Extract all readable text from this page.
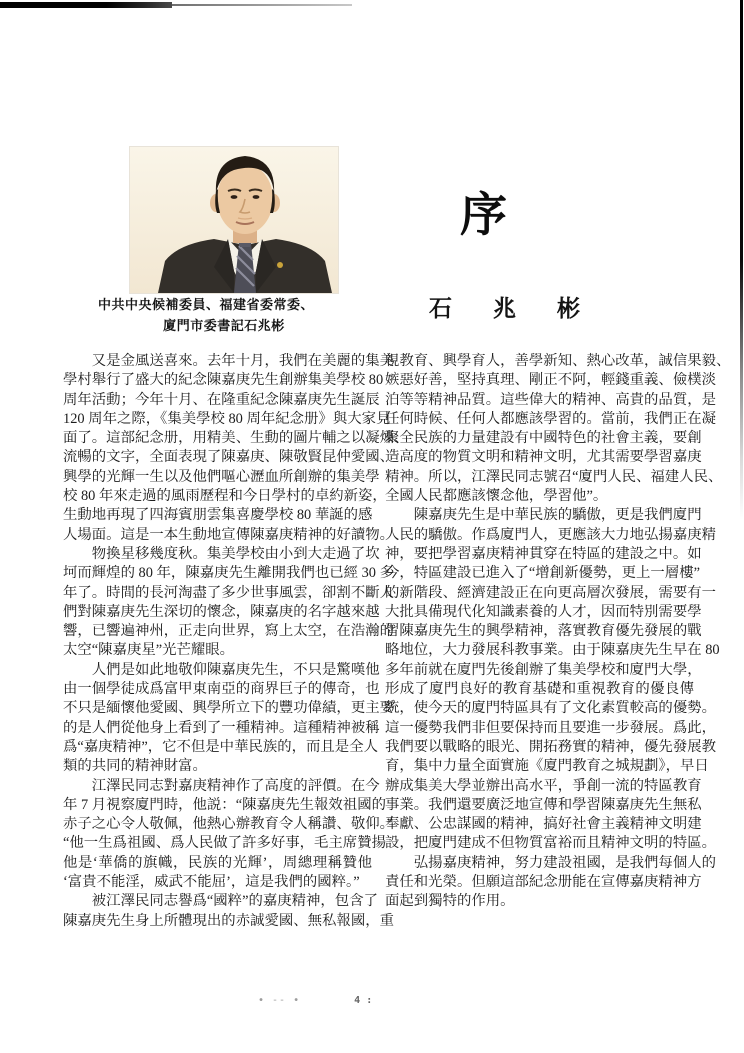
中共中央候補委員、福建省委常委、
廈門市委書記石兆彬
序
石　兆　彬
　　又是金風送喜來。去年十月，我們在美麗的集美
學村舉行了盛大的紀念陳嘉庚先生創辦集美學校 80
周年活動；今年十月、在隆重紀念陳嘉庚先生誕辰
120 周年之際，《集美學校 80 周年紀念册》與大家見
面了。這部紀念册，用精美、生動的圖片輔之以凝煉、
流暢的文字，全面表現了陳嘉庚、陳敬賢昆仲愛國、
興學的光輝一生以及他們嘔心瀝血所創辦的集美學
校 80 年來走過的風雨歷程和今日學村的卓約新姿，
生動地再現了四海賓朋雲集喜慶學校 80 華誕的感
人場面。這是一本生動地宣傳陳嘉庚精神的好讀物。
　　物換星移幾度秋。集美學校由小到大走過了坎
坷而輝煌的 80 年，陳嘉庚先生離開我們也已經 30 多
年了。時間的長河淘盡了多少世事風雲，卻割不斷人
們對陳嘉庚先生深切的懷念，陳嘉庚的名字越來越
響，已響遍神州，正走向世界，寫上太空，在浩瀚的
太空“陳嘉庚星”光芒耀眼。
　　人們是如此地敬仰陳嘉庚先生，不只是驚嘆他
由一個學徒成爲富甲東南亞的商界巨子的傳奇，也
不只是緬懷他愛國、興學所立下的豐功偉績，更主要
的是人們從他身上看到了一種精神。這種精神被稱
爲“嘉庚精神”，它不但是中華民族的，而且是全人
類的共同的精神財富。
　　江澤民同志對嘉庚精神作了高度的評價。在今
年 7 月視察廈門時，他説：“陳嘉庚先生報效祖國的
赤子之心令人敬佩，他熱心辦教育令人稱讚、敬仰。”
“他一生爲祖國、爲人民做了許多好事，毛主席贊揚
他是‘華僑的旗幟，民族的光輝’，周總理稱贊他
‘富貴不能淫，威武不能屈’，這是我們的國粹。”
　　被江澤民同志譽爲“國粹”的嘉庚精神，包含了
陳嘉庚先生身上所體現出的赤誠愛國、無私報國，重
視教育、興學育人，善學新知、熱心改革，誠信果毅、
嫉惡好善，堅持真理、剛正不阿，輕錢重義、儉樸淡
泊等等精神品質。這些偉大的精神、高貴的品質，是
任何時候、任何人都應該學習的。當前，我們正在凝
聚全民族的力量建設有中國特色的社會主義，要創
造高度的物質文明和精神文明，尤其需要學習嘉庚
精神。所以，江澤民同志號召“廈門人民、福建人民、
全國人民都應該懷念他，學習他”。
　　陳嘉庚先生是中華民族的驕傲，更是我們廈門
人民的驕傲。作爲廈門人，更應該大力地弘揚嘉庚精
神，要把學習嘉庚精神貫穿在特區的建設之中。如
今，特區建設已進入了“增創新優勢，更上一層樓”
的新階段、經濟建設正在向更高層次發展，需要有一
大批具備現代化知識素養的人才，因而特別需要學
習陳嘉庚先生的興學精神，落實教育優先發展的戰
略地位，大力發展科教事業。由于陳嘉庚先生早在 80
多年前就在廈門先後創辦了集美學校和廈門大學，
形成了廈門良好的教育基礎和重視教育的優良傳
統，使今天的廈門特區具有了文化素質較高的優勢。
這一優勢我們非但要保持而且要進一步發展。爲此，
我們要以戰略的眼光、開拓務實的精神，優先發展教
育，集中力量全面實施《廈門教育之城規劃》，早日
辦成集美大學並辦出高水平，爭創一流的特區教育
事業。我們還要廣泛地宣傳和學習陳嘉庚先生無私
奉獻、公忠謀國的精神，搞好社會主義精神文明建
設，把廈門建成不但物質富裕而且精神文明的特區。
　　弘揚嘉庚精神，努力建設祖國，是我們每個人的
責任和光榮。但願這部紀念册能在宣傳嘉庚精神方
面起到獨特的作用。
∙ -- ∙	4 :
